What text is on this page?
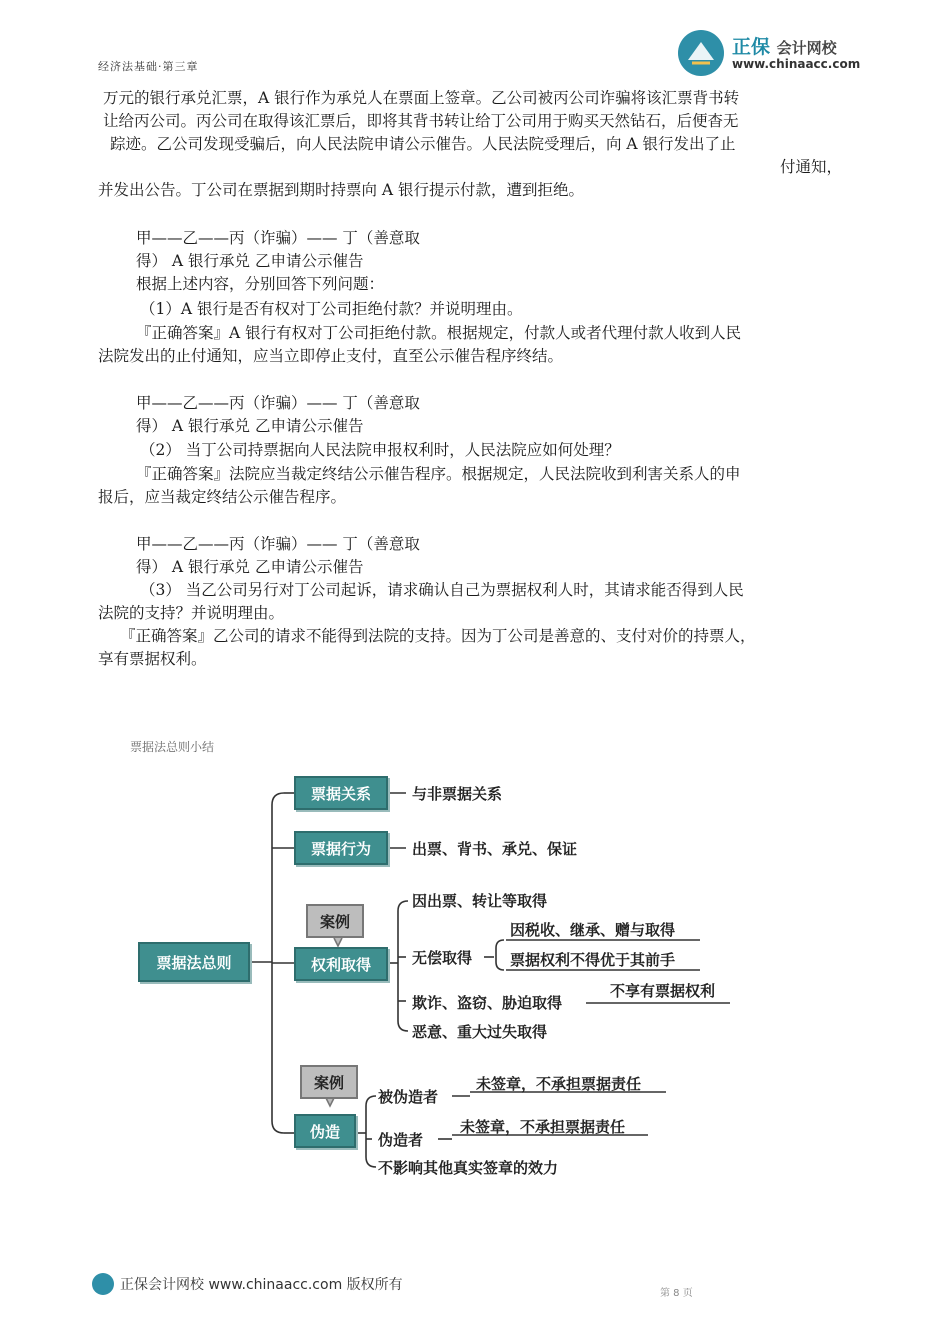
经济法基础·第三章
正保 会计网校
www.chinaacc.com
万元的银行承兑汇票，A 银行作为承兑人在票面上签章。乙公司被丙公司诈骗将该汇票背书转
让给丙公司。丙公司在取得该汇票后，即将其背书转让给丁公司用于购买天然钻石，后便杳无
踪迹。乙公司发现受骗后，向人民法院申请公示催告。人民法院受理后，向 A 银行发出了止
付通知，
并发出公告。丁公司在票据到期时持票向 A 银行提示付款，遭到拒绝。
甲——乙——丙（诈骗）—— 丁（善意取
得） A 银行承兑 乙申请公示催告
根据上述内容，分别回答下列问题：
（1）A 银行是否有权对丁公司拒绝付款？并说明理由。
『正确答案』A 银行有权对丁公司拒绝付款。根据规定，付款人或者代理付款人收到人民
法院发出的止付通知，应当立即停止支付，直至公示催告程序终结。
甲——乙——丙（诈骗）—— 丁（善意取
得） A 银行承兑 乙申请公示催告
（2） 当丁公司持票据向人民法院申报权利时，人民法院应如何处理？
『正确答案』法院应当裁定终结公示催告程序。根据规定，人民法院收到利害关系人的申
报后，应当裁定终结公示催告程序。
甲——乙——丙（诈骗）—— 丁（善意取
得） A 银行承兑 乙申请公示催告
（3） 当乙公司另行对丁公司起诉，请求确认自己为票据权利人时，其请求能否得到人民
法院的支持？并说明理由。
『正确答案』乙公司的请求不能得到法院的支持。因为丁公司是善意的、支付对价的持票人，
享有票据权利。
票据法总则小结
票据法总则
票据关系	与非票据关系
票据行为	出票、背书、承兑、保证
案例
权利取得
因出票、转让等取得
无偿取得
因税收、继承、赠与取得
票据权利不得优于其前手
欺诈、盗窃、胁迫取得
不享有票据权利
恶意、重大过失取得
案例
伪造
被伪造者
未签章，不承担票据责任
伪造者
未签章，不承担票据责任
不影响其他真实签章的效力
正保会计网校 www.chinaacc.com 版权所有
第 8 页
